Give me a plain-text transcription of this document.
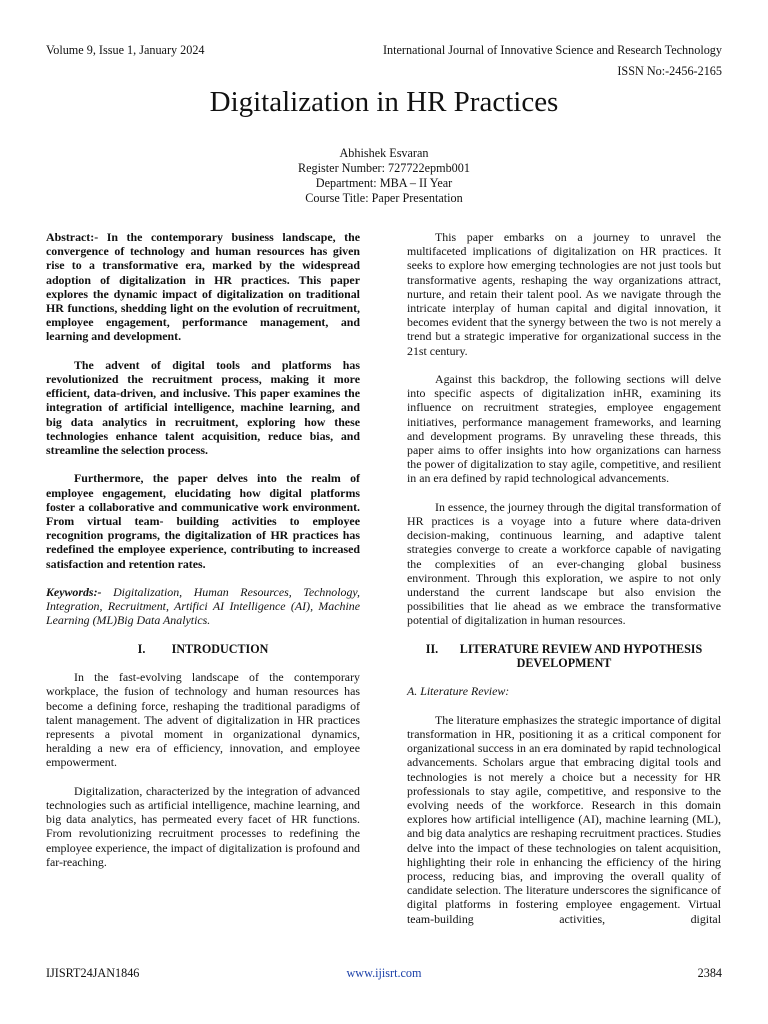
Volume 9, Issue 1, January 2024	International Journal of Innovative Science and Research Technology
ISSN No:-2456-2165
Digitalization in HR Practices
Abhishek Esvaran
Register Number: 727722epmb001
Department: MBA – II Year
Course Title: Paper Presentation

Abstract:- In the contemporary business landscape, the convergence of technology and human resources has given rise to a transformative era, marked by the widespread adoption of digitalization in HR practices. This paper explores the dynamic impact of digitalization on traditional HR functions, shedding light on the evolution of recruitment, employee engagement, performance management, and learning and development.

The advent of digital tools and platforms has revolutionized the recruitment process, making it more efficient, data-driven, and inclusive. This paper examines the integration of artificial intelligence, machine learning, and big data analytics in recruitment, exploring how these technologies enhance talent acquisition, reduce bias, and streamline the selection process.

Furthermore, the paper delves into the realm of employee engagement, elucidating how digital platforms foster a collaborative and communicative work environment. From virtual team- building activities to employee recognition programs, the digitalization of HR practices has redefined the employee experience, contributing to increased satisfaction and retention rates.

Keywords:- Digitalization, Human Resources, Technology, Integration, Recruitment, Artifici AI Intelligence (AI), Machine Learning (ML)Big Data Analytics.

I. INTRODUCTION

In the fast-evolving landscape of the contemporary workplace, the fusion of technology and human resources has become a defining force, reshaping the traditional paradigms of talent management. The advent of digitalization in HR practices represents a pivotal moment in organizational dynamics, heralding a new era of efficiency, innovation, and employee empowerment.

Digitalization, characterized by the integration of advanced technologies such as artificial intelligence, machine learning, and big data analytics, has permeated every facet of HR functions. From revolutionizing recruitment processes to redefining the employee experience, the impact of digitalization is profound and far-reaching.

This paper embarks on a journey to unravel the multifaceted implications of digitalization on HR practices. It seeks to explore how emerging technologies are not just tools but transformative agents, reshaping the way organizations attract, nurture, and retain their talent pool. As we navigate through the intricate interplay of human capital and digital innovation, it becomes evident that the synergy between the two is not merely a trend but a strategic imperative for organizational success in the 21st century.

Against this backdrop, the following sections will delve into specific aspects of digitalization inHR, examining its influence on recruitment strategies, employee engagement initiatives, performance management frameworks, and learning and development programs. By unraveling these threads, this paper aims to offer insights into how organizations can harness the power of digitalization to stay agile, competitive, and resilient in an era defined by rapid technological advancements.

In essence, the journey through the digital transformation of HR practices is a voyage into a future where data-driven decision-making, continuous learning, and adaptive talent strategies converge to create a workforce capable of navigating the complexities of an ever-changing global business environment. Through this exploration, we aspire to not only understand the current landscape but also envision the possibilities that lie ahead as we embrace the transformative potential of digitalization in human resources.

II. LITERATURE REVIEW AND HYPOTHESIS
DEVELOPMENT

A. Literature Review:

The literature emphasizes the strategic importance of digital transformation in HR, positioning it as a critical component for organizational success in an era dominated by rapid technological advancements. Scholars argue that embracing digital tools and technologies is not merely a choice but a necessity for HR professionals to stay agile, competitive, and responsive to the evolving needs of the workforce. Research in this domain explores how artificial intelligence (AI), machine learning (ML), and big data analytics are reshaping recruitment practices. Studies delve into the impact of these technologies on talent acquisition, highlighting their role in enhancing the efficiency of the hiring process, reducing bias, and improving the overall quality of candidate selection. The literature underscores the significance of digital platforms in fostering employee engagement. Virtual team-building activities, digital

IJISRT24JAN1846	www.ijisrt.com	2384
